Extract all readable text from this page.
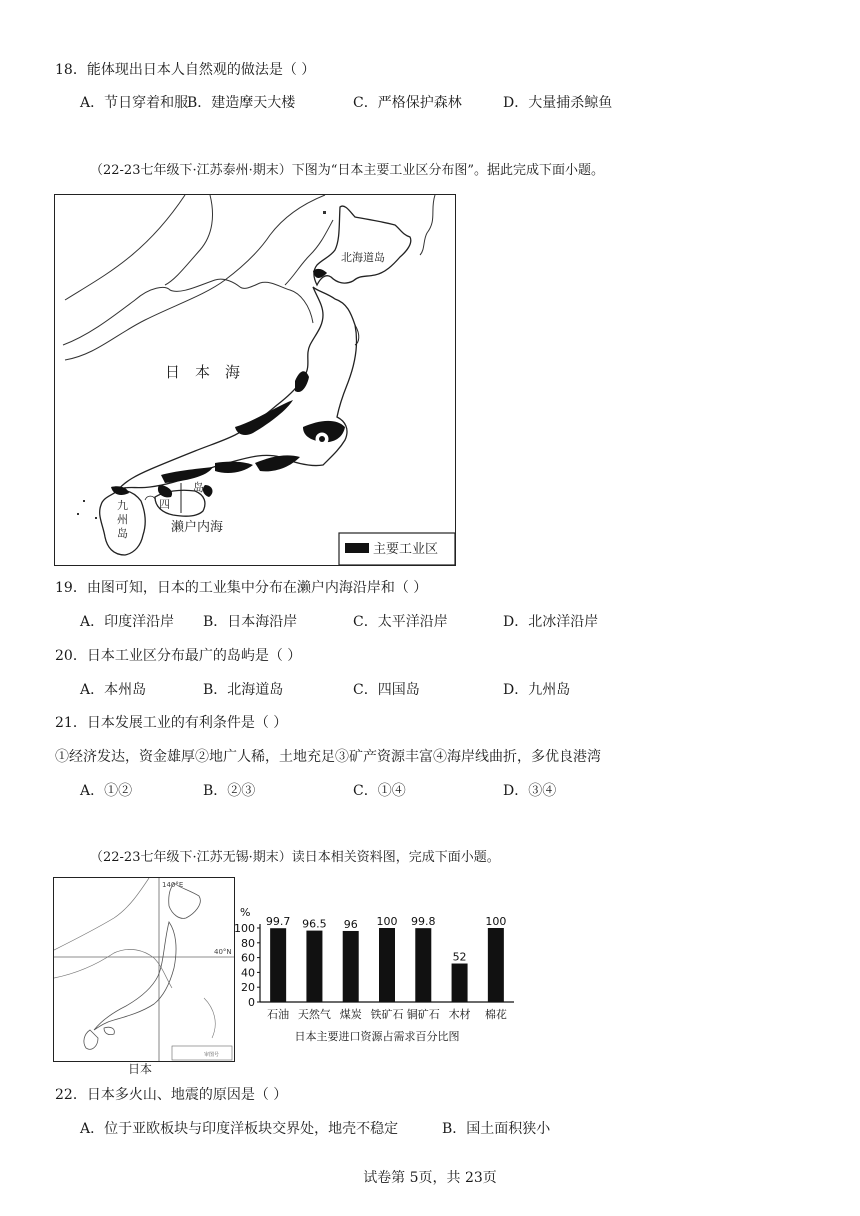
18．能体现出日本人自然观的做法是（ ）
A．节日穿着和服
B．建造摩天大楼	C．严格保护森林	D．大量捕杀鲸鱼
（22-23七年级下·江苏泰州·期末）下图为“日本主要工业区分布图”。据此完成下面小题。
北海道岛
日　本　海
九
州
岛
四
岛
濑户内海
主要工业区
19．由图可知，日本的工业集中分布在濑户内海沿岸和（ ）
A．印度洋沿岸 B．日本海沿岸	C．太平洋沿岸	D．北冰洋沿岸
20．日本工业区分布最广的岛屿是（ ）
A．本州岛	B．北海道岛	C．四国岛	D．九州岛
21．日本发展工业的有利条件是（ ）
①经济发达，资金雄厚②地广人稀，土地充足③矿产资源丰富④海岸线曲折，多优良港湾
A．①②	B．②③	C．①④	D．③④
（22-23七年级下·江苏无锡·期末）读日本相关资料图，完成下面小题。
140°E
40°N
审图号
日本
%
0
20
40
60
80
100
99.7
石油
96.5
天然气
96
煤炭
100
铁矿石
99.8
铜矿石
52
木材
100
棉花
日本主要进口资源占需求百分比图
22．日本多火山、地震的原因是（ ）
A．位于亚欧板块与印度洋板块交界处，地壳不稳定	B．国土面积狭小
试卷第 5页，共 23页
